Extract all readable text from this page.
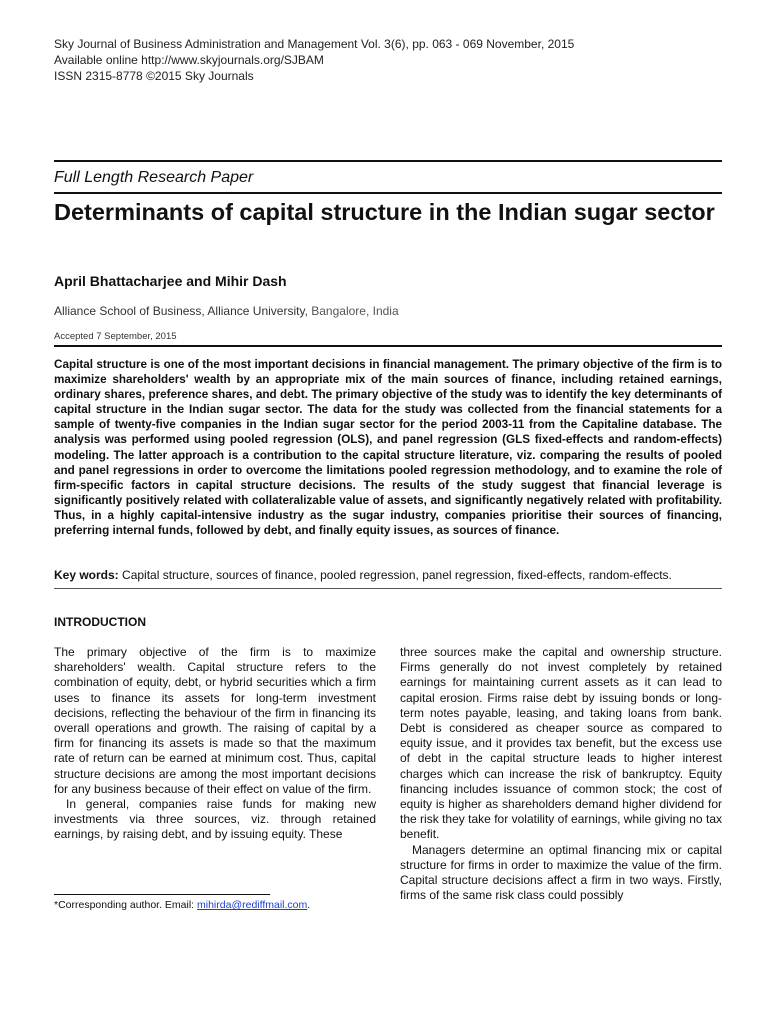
Sky Journal of Business Administration and Management Vol. 3(6), pp. 063 - 069 November, 2015
Available online http://www.skyjournals.org/SJBAM
ISSN 2315-8778 ©2015 Sky Journals
Full Length Research Paper
Determinants of capital structure in the Indian sugar sector
April Bhattacharjee and Mihir Dash
Alliance School of Business, Alliance University, Bangalore, India
Accepted 7 September, 2015
Capital structure is one of the most important decisions in financial management. The primary objective of the firm is to maximize shareholders' wealth by an appropriate mix of the main sources of finance, including retained earnings, ordinary shares, preference shares, and debt. The primary objective of the study was to identify the key determinants of capital structure in the Indian sugar sector. The data for the study was collected from the financial statements for a sample of twenty-five companies in the Indian sugar sector for the period 2003-11 from the Capitaline database. The analysis was performed using pooled regression (OLS), and panel regression (GLS fixed-effects and random-effects) modeling. The latter approach is a contribution to the capital structure literature, viz. comparing the results of pooled and panel regressions in order to overcome the limitations pooled regression methodology, and to examine the role of firm-specific factors in capital structure decisions. The results of the study suggest that financial leverage is significantly positively related with collateralizable value of assets, and significantly negatively related with profitability. Thus, in a highly capital-intensive industry as the sugar industry, companies prioritise their sources of financing, preferring internal funds, followed by debt, and finally equity issues, as sources of finance.
Key words: Capital structure, sources of finance, pooled regression, panel regression, fixed-effects, random-effects.
INTRODUCTION

The primary objective of the firm is to maximize shareholders' wealth. Capital structure refers to the combination of equity, debt, or hybrid securities which a firm uses to finance its assets for long-term investment decisions, reflecting the behaviour of the firm in financing its overall operations and growth. The raising of capital by a firm for financing its assets is made so that the maximum rate of return can be earned at minimum cost. Thus, capital structure decisions are among the most important decisions for any business because of their effect on value of the firm.

In general, companies raise funds for making new investments via three sources, viz. through retained earnings, by raising debt, and by issuing equity. These

three sources make the capital and ownership structure. Firms generally do not invest completely by retained earnings for maintaining current assets as it can lead to capital erosion. Firms raise debt by issuing bonds or long-term notes payable, leasing, and taking loans from bank. Debt is considered as cheaper source as compared to equity issue, and it provides tax benefit, but the excess use of debt in the capital structure leads to higher interest charges which can increase the risk of bankruptcy. Equity financing includes issuance of common stock; the cost of equity is higher as shareholders demand higher dividend for the risk they take for volatility of earnings, while giving no tax benefit.

Managers determine an optimal financing mix or capital structure for firms in order to maximize the value of the firm. Capital structure decisions affect a firm in two ways. Firstly, firms of the same risk class could possibly

*Corresponding author. Email: mihirda@rediffmail.com.
